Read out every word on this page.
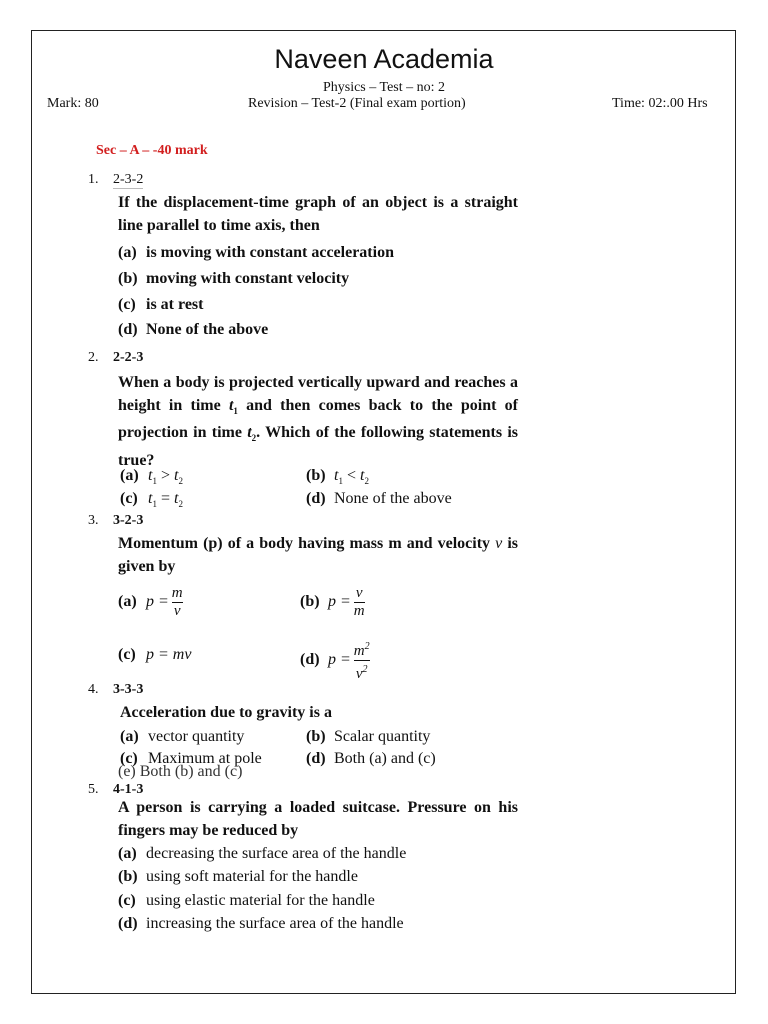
Naveen Academia
Physics – Test – no: 2
Mark: 80	Revision – Test-2 (Final exam portion)	Time: 02:.00 Hrs
Sec – A – -40 mark
1. 2-3-2
If the displacement-time graph of an object is a straight line parallel to time axis, then
(a) is moving with constant acceleration
(b) moving with constant velocity
(c) is at rest
(d) None of the above
2. 2-2-3
When a body is projected vertically upward and reaches a height in time $t_1$ and then comes back to the point of projection in time $t_2$. Which of the following statements is true?
(a) $t_1 > t_2$	(b) $t_1 < t_2$
(c) $t_1 = t_2$	(d) None of the above
3. 3-2-3
Momentum (p) of a body having mass m and velocity v is given by
(a) $p = \frac{m}{v}$	(b) $p = \frac{v}{m}$
(c) p = mv	(d) $p = \frac{m^2}{v^2}$
4. 3-3-3
Acceleration due to gravity is a
(a) vector quantity	(b) Scalar quantity
(c) Maximum at pole	(d) Both (a) and (c)
(e) Both (b) and (c)
5. 4-1-3
A person is carrying a loaded suitcase. Pressure on his fingers may be reduced by
(a) decreasing the surface area of the handle
(b) using soft material for the handle
(c) using elastic material for the handle
(d) increasing the surface area of the handle
